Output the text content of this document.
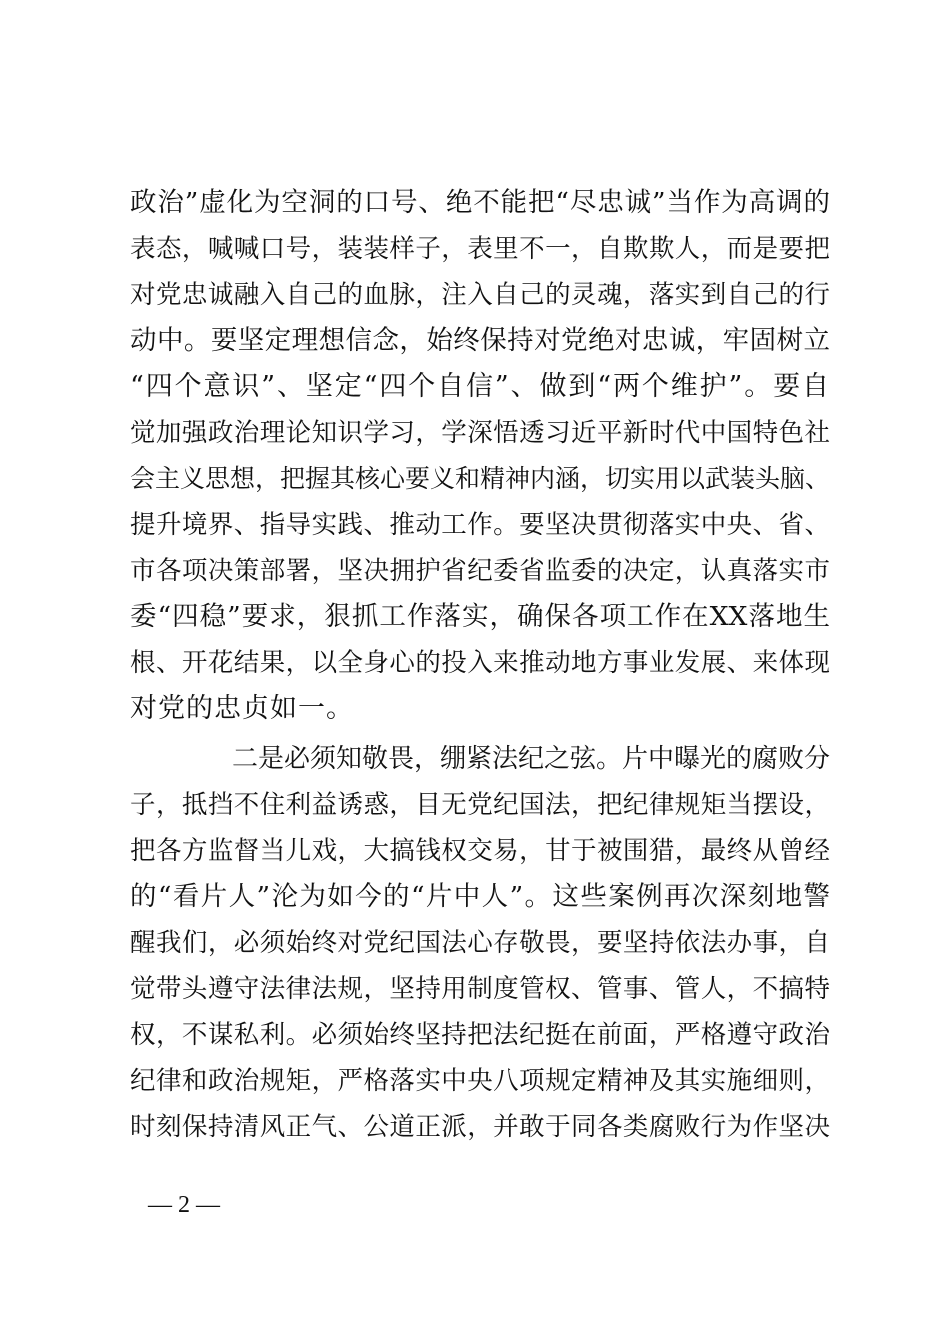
政治”虚化为空洞的口号、绝不能把“尽忠诚”当作为高调的
表态，喊喊口号，装装样子，表里不一，自欺欺人，而是要把
对党忠诚融入自己的血脉，注入自己的灵魂，落实到自己的行
动中。要坚定理想信念，始终保持对党绝对忠诚，牢固树立
“四个意识”、坚定“四个自信”、做到“两个维护”。要自
觉加强政治理论知识学习，学深悟透习近平新时代中国特色社
会主义思想，把握其核心要义和精神内涵，切实用以武装头脑、
提升境界、指导实践、推动工作。要坚决贯彻落实中央、省、
市各项决策部署，坚决拥护省纪委省监委的决定，认真落实市
委“四稳”要求，狠抓工作落实，确保各项工作在XX落地生
根、开花结果，以全身心的投入来推动地方事业发展、来体现
对党的忠贞如一。
二是必须知敬畏，绷紧法纪之弦。片中曝光的腐败分
子，抵挡不住利益诱惑，目无党纪国法，把纪律规矩当摆设，
把各方监督当儿戏，大搞钱权交易，甘于被围猎，最终从曾经
的“看片人”沦为如今的“片中人”。这些案例再次深刻地警
醒我们，必须始终对党纪国法心存敬畏，要坚持依法办事，自
觉带头遵守法律法规，坚持用制度管权、管事、管人，不搞特
权，不谋私利。必须始终坚持把法纪挺在前面，严格遵守政治
纪律和政治规矩，严格落实中央八项规定精神及其实施细则，
时刻保持清风正气、公道正派，并敢于同各类腐败行为作坚决
— 2 —
